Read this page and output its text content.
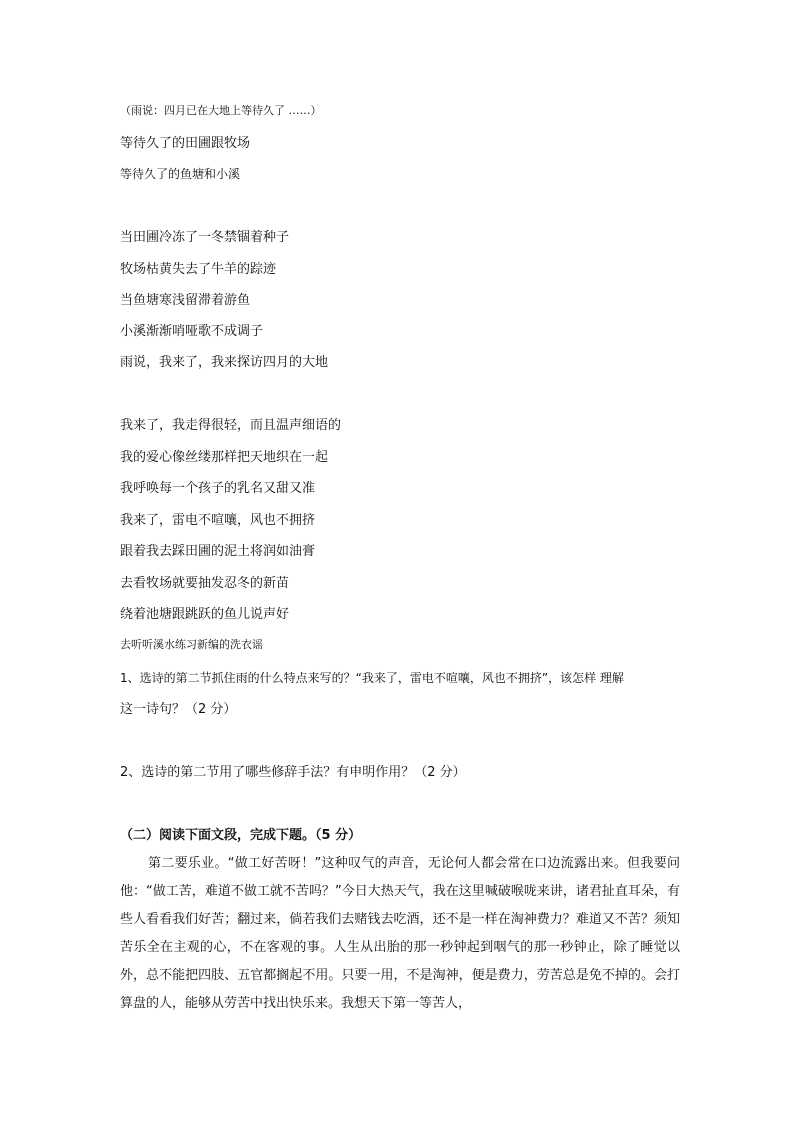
（雨说：四月已在大地上等待久了 ……）
等待久了的田圃跟牧场
等待久了的鱼塘和小溪
当田圃冷冻了一冬禁锢着种子
牧场枯黄失去了牛羊的踪迹
当鱼塘寒浅留滞着游鱼
小溪渐渐哨哑歌不成调子
雨说，我来了，我来探访四月的大地
我来了，我走得很轻，而且温声细语的
我的爱心像丝缕那样把天地织在一起
我呼唤每一个孩子的乳名又甜又准
我来了，雷电不喧嚷，风也不拥挤
跟着我去踩田圃的泥土将润如油膏
去看牧场就要抽发忍冬的新苗
绕着池塘跟跳跃的鱼儿说声好
去听听溪水练习新编的洗衣谣
1、选诗的第二节抓住雨的什么特点来写的？“我来了，雷电不喧嚷，风也不拥挤”，该怎样 理解
这一诗句？（2 分）
2、选诗的第二节用了哪些修辞手法？有申明作用？（2 分）
（二）阅读下面文段，完成下题。（5 分）

第二要乐业。“做工好苦呀！”这种叹气的声音，无论何人都会常在口边流露出来。但我要问他：“做工苦，难道不做工就不苦吗？”今日大热天气，我在这里喊破喉咙来讲，诸君扯直耳朵，有些人看看我们好苦；翻过来，倘若我们去赌钱去吃酒，还不是一样在淘神费力？难道又不苦？须知苦乐全在主观的心，不在客观的事。人生从出胎的那一秒钟起到咽气的那一秒钟止，除了睡觉以外，总不能把四肢、五官都搁起不用。只要一用，不是淘神，便是费力，劳苦总是免不掉的。会打算盘的人，能够从劳苦中找出快乐来。我想天下第一等苦人，
